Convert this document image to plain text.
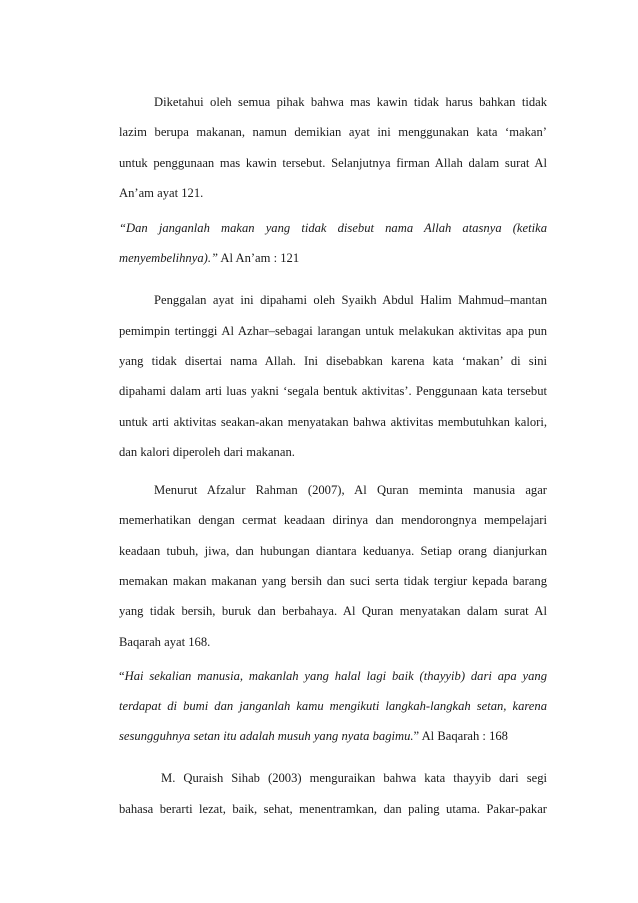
Diketahui oleh semua pihak bahwa mas kawin tidak harus bahkan tidak
lazim berupa makanan, namun demikian ayat ini menggunakan kata ‘makan’
untuk penggunaan mas kawin tersebut. Selanjutnya firman Allah dalam surat Al
An’am ayat 121.
“Dan janganlah makan yang tidak disebut nama Allah atasnya (ketika
menyembelihnya).” Al An’am : 121
Penggalan ayat ini dipahami oleh Syaikh Abdul Halim Mahmud–mantan
pemimpin tertinggi Al Azhar–sebagai larangan untuk melakukan aktivitas apa pun
yang tidak disertai nama Allah. Ini disebabkan karena kata ‘makan’ di sini
dipahami dalam arti luas yakni ‘segala bentuk aktivitas’. Penggunaan kata tersebut
untuk arti aktivitas seakan-akan menyatakan bahwa aktivitas membutuhkan kalori,
dan kalori diperoleh dari makanan.
Menurut Afzalur Rahman (2007), Al Quran meminta manusia agar
memerhatikan dengan cermat keadaan dirinya dan mendorongnya mempelajari
keadaan tubuh, jiwa, dan hubungan diantara keduanya. Setiap orang dianjurkan
memakan makan makanan yang bersih dan suci serta tidak tergiur kepada barang
yang tidak bersih, buruk dan berbahaya. Al Quran menyatakan dalam surat Al
Baqarah ayat 168.
“Hai sekalian manusia, makanlah yang halal lagi baik (thayyib) dari apa yang
terdapat di bumi dan janganlah kamu mengikuti langkah-langkah setan, karena
sesungguhnya setan itu adalah musuh yang nyata bagimu.” Al Baqarah : 168
M. Quraish Sihab (2003) menguraikan bahwa kata thayyib dari segi
bahasa berarti lezat, baik, sehat, menentramkan, dan paling utama. Pakar-pakar
